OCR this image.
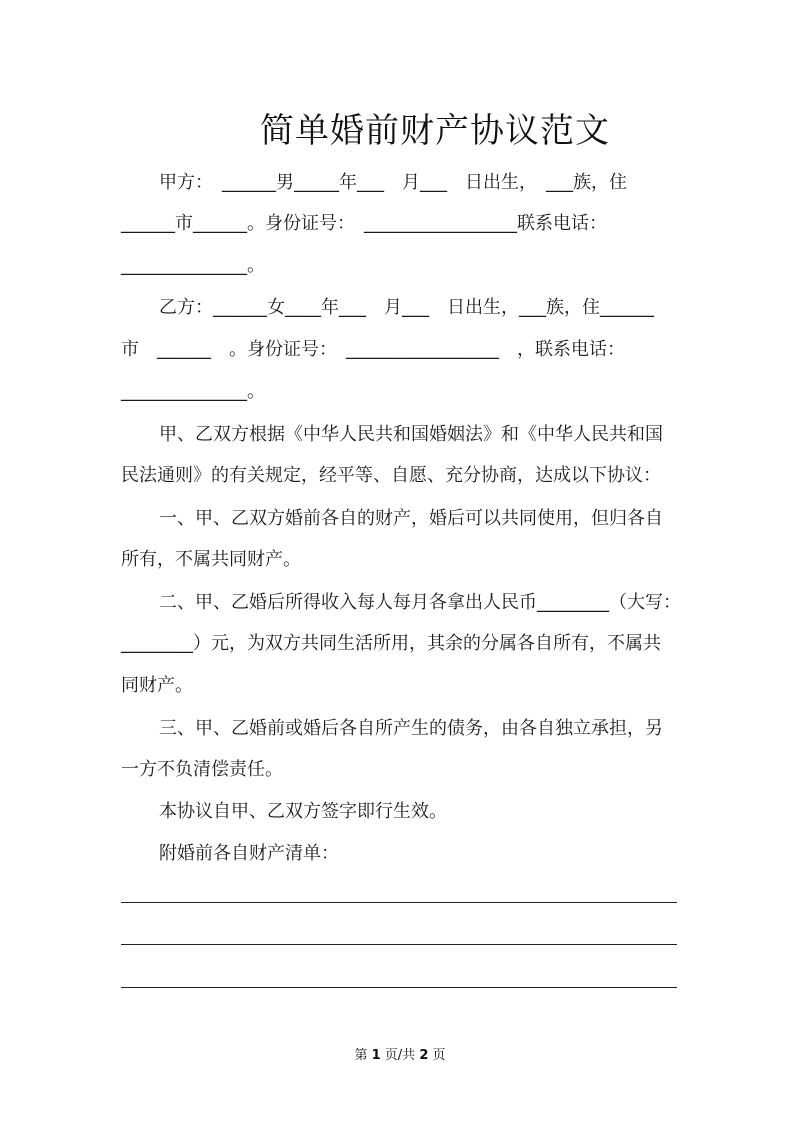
简单婚前财产协议范文

甲方：　______男_____年___　月___　日出生，　___族，住

______市______。身份证号：　_________________联系电话：

______________。

乙方：______女____年___　月___　日出生，___族，住______

市　______　。身份证号：　_________________　，联系电话：

______________。

甲、乙双方根据《中华人民共和国婚姻法》和《中华人民共和国

民法通则》的有关规定，经平等、自愿、充分协商，达成以下协议：

一、甲、乙双方婚前各自的财产，婚后可以共同使用，但归各自

所有，不属共同财产。

二、甲、乙婚后所得收入每人每月各拿出人民币________（大写：

________）元，为双方共同生活所用，其余的分属各自所有，不属共

同财产。

三、甲、乙婚前或婚后各自所产生的债务，由各自独立承担，另

一方不负清偿责任。

本协议自甲、乙双方签字即行生效。

附婚前各自财产清单：

第 1 页/共 2 页
